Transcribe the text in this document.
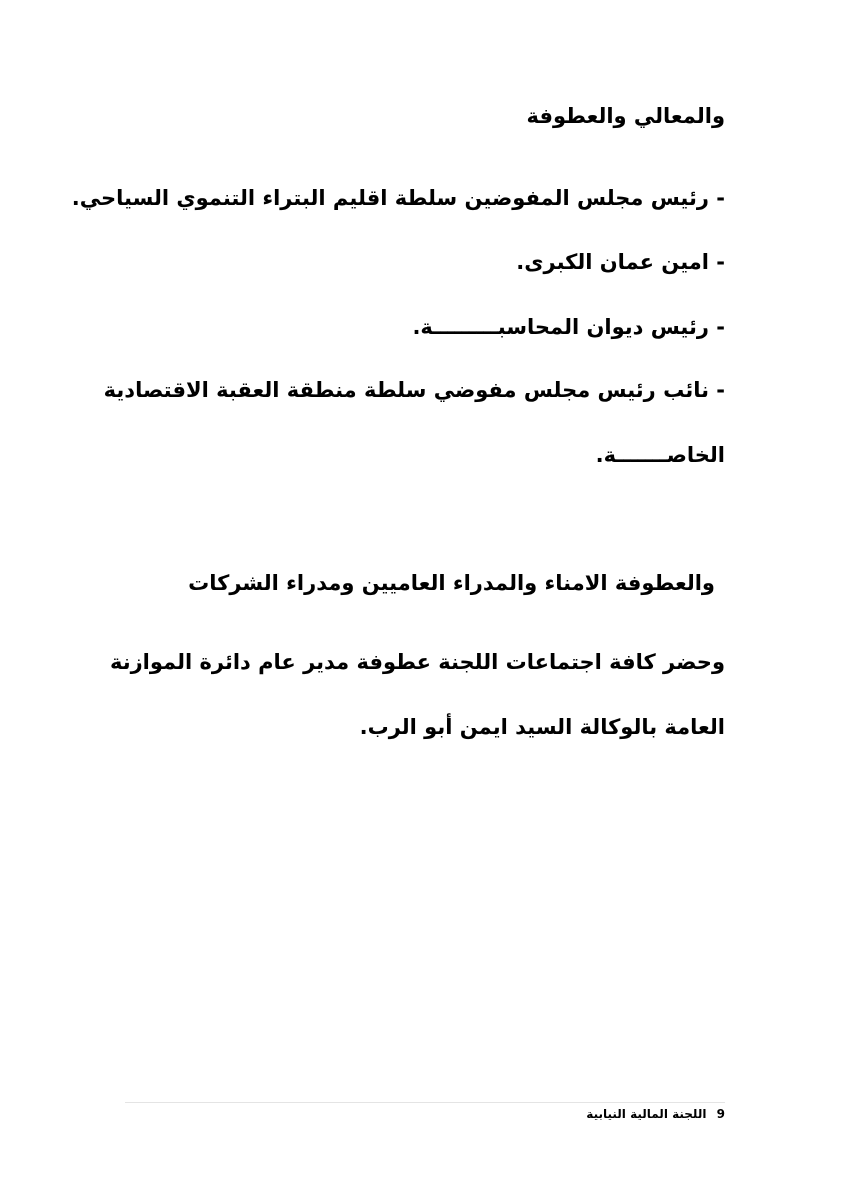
والمعالي والعطوفة
- رئيس مجلس المفوضين سلطة اقليم البتراء التنموي السياحي.
- امين عمان الكبرى.
- رئيس ديوان المحاسبـــــــــة.
- نائب رئيس مجلس مفوضي سلطة منطقة العقبة الاقتصادية
الخاصـــــــة.
والعطوفة الامناء والمدراء العاميين ومدراء الشركات
وحضر كافة اجتماعات اللجنة عطوفة مدير عام دائرة الموازنة
العامة بالوكالة السيد ايمن أبو الرب.
9 اللجنة المالية النيابية
